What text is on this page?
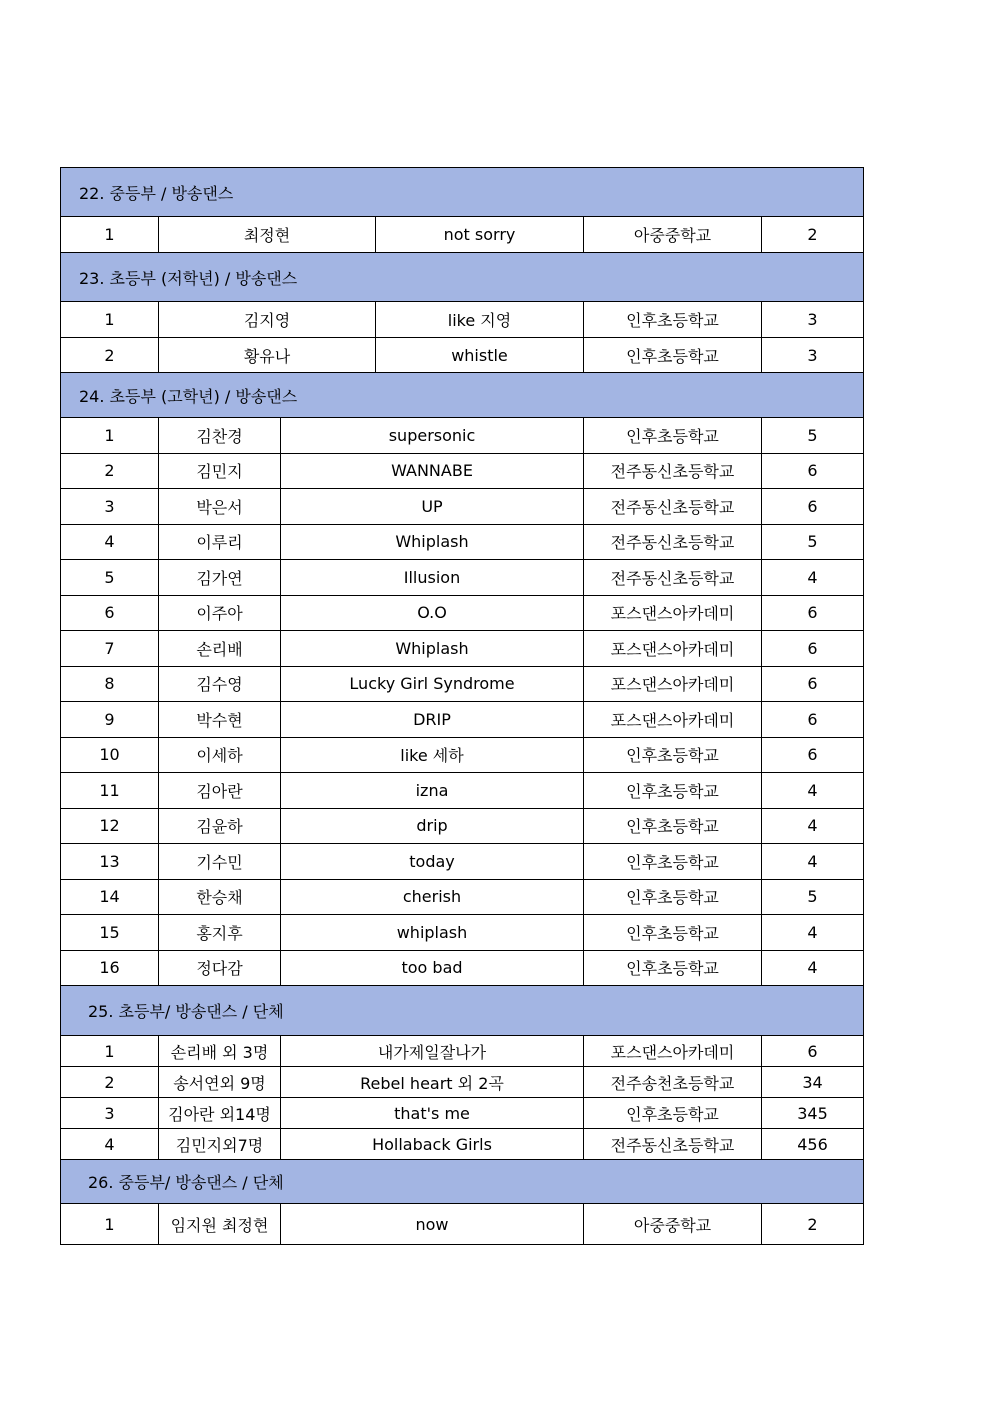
22. 중등부 / 방송댄스
1	최정현	not sorry	아중중학교	2
23. 초등부 (저학년) / 방송댄스
1	김지영	like 지영	인후초등학교	3
2	황유나	whistle	인후초등학교	3
24. 초등부 (고학년) / 방송댄스
1	김찬경	supersonic	인후초등학교	5
2	김민지	WANNABE	전주동신초등학교	6
3	박은서	UP	전주동신초등학교	6
4	이루리	Whiplash	전주동신초등학교	5
5	김가연	Illusion	전주동신초등학교	4
6	이주아	O.O	포스댄스아카데미	6
7	손리배	Whiplash	포스댄스아카데미	6
8	김수영	Lucky Girl Syndrome	포스댄스아카데미	6
9	박수현	DRIP	포스댄스아카데미	6
10	이세하	like 세하	인후초등학교	6
11	김아란	izna	인후초등학교	4
12	김윤하	drip	인후초등학교	4
13	기수민	today	인후초등학교	4
14	한승채	cherish	인후초등학교	5
15	홍지후	whiplash	인후초등학교	4
16	정다감	too bad	인후초등학교	4
25. 초등부/ 방송댄스 / 단체
1	손리배 외 3명	내가제일잘나가	포스댄스아카데미	6
2	송서연외 9명	Rebel heart 외 2곡	전주송천초등학교	34
3	김아란 외14명	that's me	인후초등학교	345
4	김민지외7명	Hollaback Girls	전주동신초등학교	456
26. 중등부/ 방송댄스 / 단체
1	임지원 최정현	now	아중중학교	2
